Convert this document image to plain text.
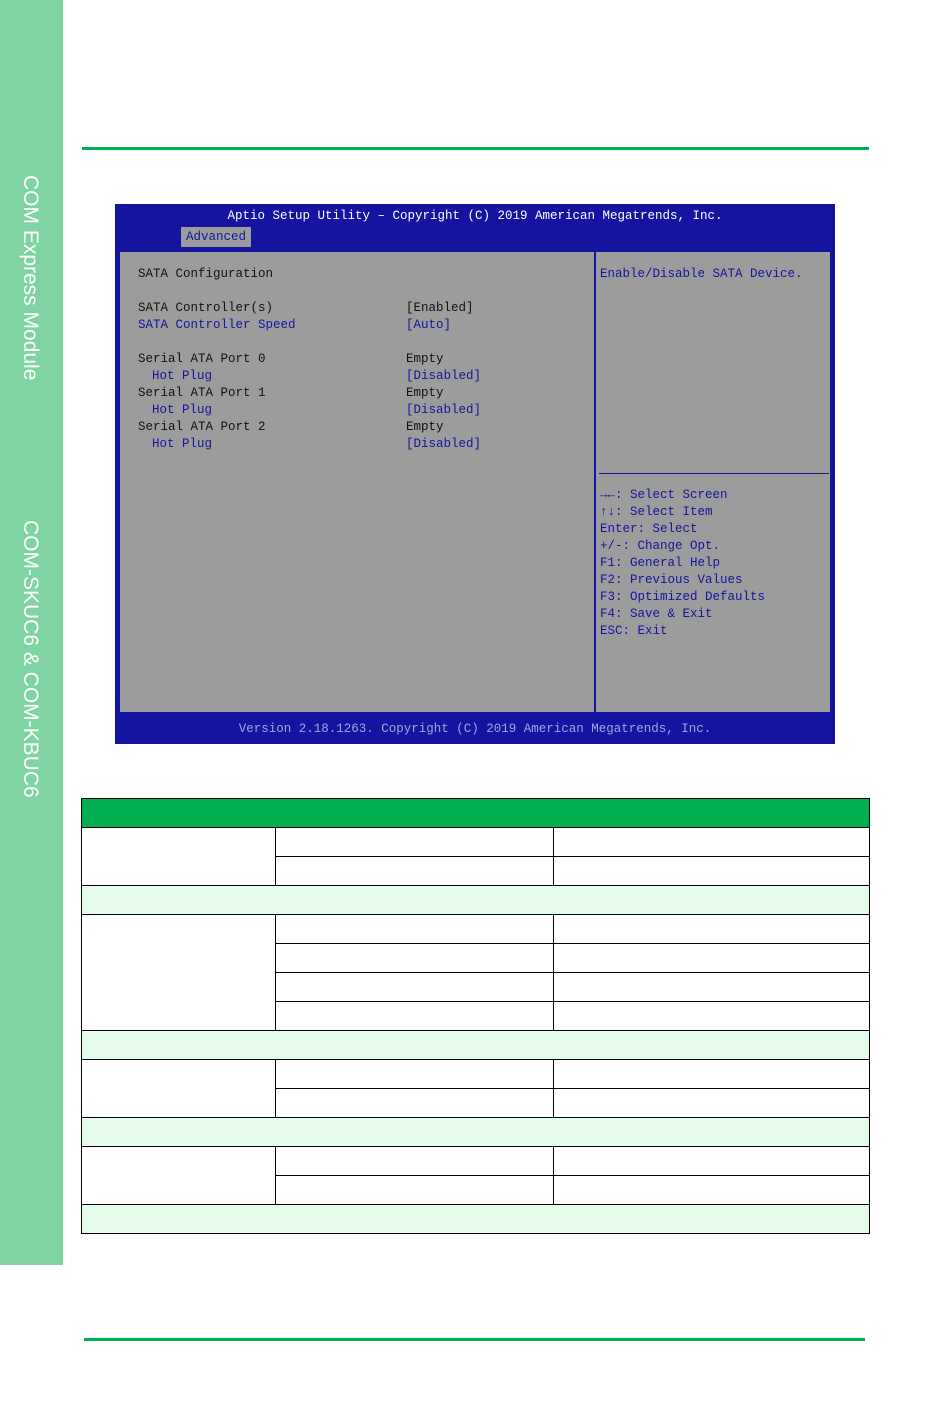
COM Express Module
COM-SKUC6 & COM-KBUC6
Aptio Setup Utility – Copyright (C) 2019 American Megatrends, Inc.
Advanced
SATA Configuration

SATA Controller(s)

	[Enabled]

SATA Controller Speed

	[Auto]

Serial ATA Port 0

	Empty

Hot Plug

	[Disabled]

Serial ATA Port 1

	Empty

Hot Plug

	[Disabled]

Serial ATA Port 2

	Empty

Hot Plug

	[Disabled]

Enable/Disable SATA Device.
→←: Select Screen
↑↓: Select Item
Enter: Select
+/-: Change Opt.
F1: General Help
F2: Previous Values
F3: Optimized Defaults
F4: Save & Exit
ESC: Exit
Version 2.18.1263. Copyright (C) 2019 American Megatrends, Inc.
